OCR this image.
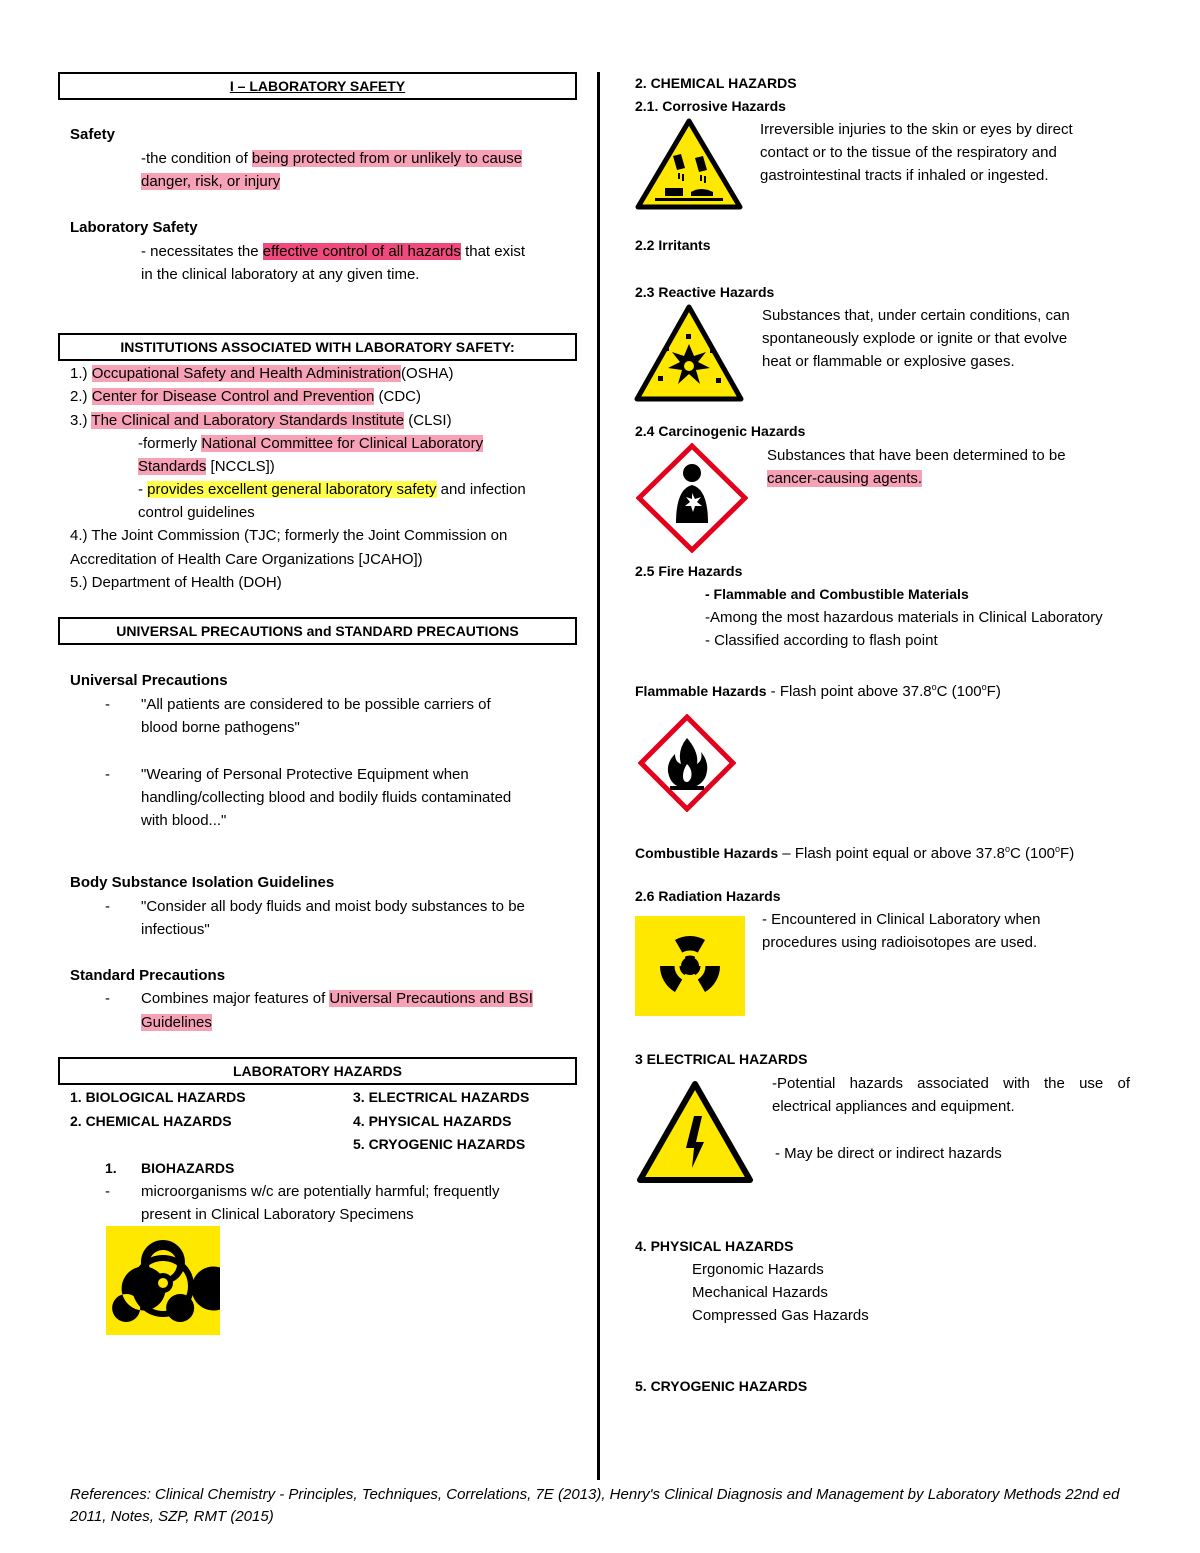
I – LABORATORY SAFETY
Safety
-the condition of being protected from or unlikely to cause
danger, risk, or injury
Laboratory Safety
- necessitates the effective control of all hazards that exist
in the clinical laboratory at any given time.
INSTITUTIONS ASSOCIATED WITH LABORATORY SAFETY:
1.) Occupational Safety and Health Administration(OSHA)
2.) Center for Disease Control and Prevention (CDC)
3.) The Clinical and Laboratory Standards Institute (CLSI)
-formerly National Committee for Clinical Laboratory
Standards [NCCLS])
- provides excellent general laboratory safety and infection
control guidelines
4.) The Joint Commission (TJC; formerly the Joint Commission on
Accreditation of Health Care Organizations [JCAHO])
5.) Department of Health (DOH)
UNIVERSAL PRECAUTIONS and STANDARD PRECAUTIONS
Universal Precautions
- "All patients are considered to be possible carriers of
blood borne pathogens"
- "Wearing of Personal Protective Equipment when
handling/collecting blood and bodily fluids contaminated
with blood..."
Body Substance Isolation Guidelines
- "Consider all body fluids and moist body substances to be
infectious"
Standard Precautions
- Combines major features of Universal Precautions and BSI
Guidelines
LABORATORY HAZARDS
1. BIOLOGICAL HAZARDS
2. CHEMICAL HAZARDS
3. ELECTRICAL HAZARDS
4. PHYSICAL HAZARDS
5. CRYOGENIC HAZARDS
1. BIOHAZARDS
- microorganisms w/c are potentially harmful; frequently
present in Clinical Laboratory Specimens
2. CHEMICAL HAZARDS
2.1. Corrosive Hazards
Irreversible injuries to the skin or eyes by direct
contact or to the tissue of the respiratory and
gastrointestinal tracts if inhaled or ingested.
2.2 Irritants
2.3 Reactive Hazards
Substances that, under certain conditions, can
spontaneously explode or ignite or that evolve
heat or flammable or explosive gases.
2.4 Carcinogenic Hazards
Substances that have been determined to be
cancer-causing agents.
2.5 Fire Hazards
- Flammable and Combustible Materials
-Among the most hazardous materials in Clinical Laboratory
- Classified according to flash point
Flammable Hazards - Flash point above 37.8$^o$C (100$^o$F)
Combustible Hazards – Flash point equal or above 37.8$^o$C (100$^o$F)
2.6 Radiation Hazards
- Encountered in Clinical Laboratory when
procedures using radioisotopes are used.
3 ELECTRICAL HAZARDS
-Potential hazards associated with the use of electrical appliances and equipment.
- May be direct or indirect hazards
4. PHYSICAL HAZARDS
Ergonomic Hazards
Mechanical Hazards
Compressed Gas Hazards
5. CRYOGENIC HAZARDS
References: Clinical Chemistry - Principles, Techniques, Correlations, 7E (2013), Henry's Clinical Diagnosis and Management by Laboratory Methods 22nd ed 2011, Notes, SZP, RMT (2015)
